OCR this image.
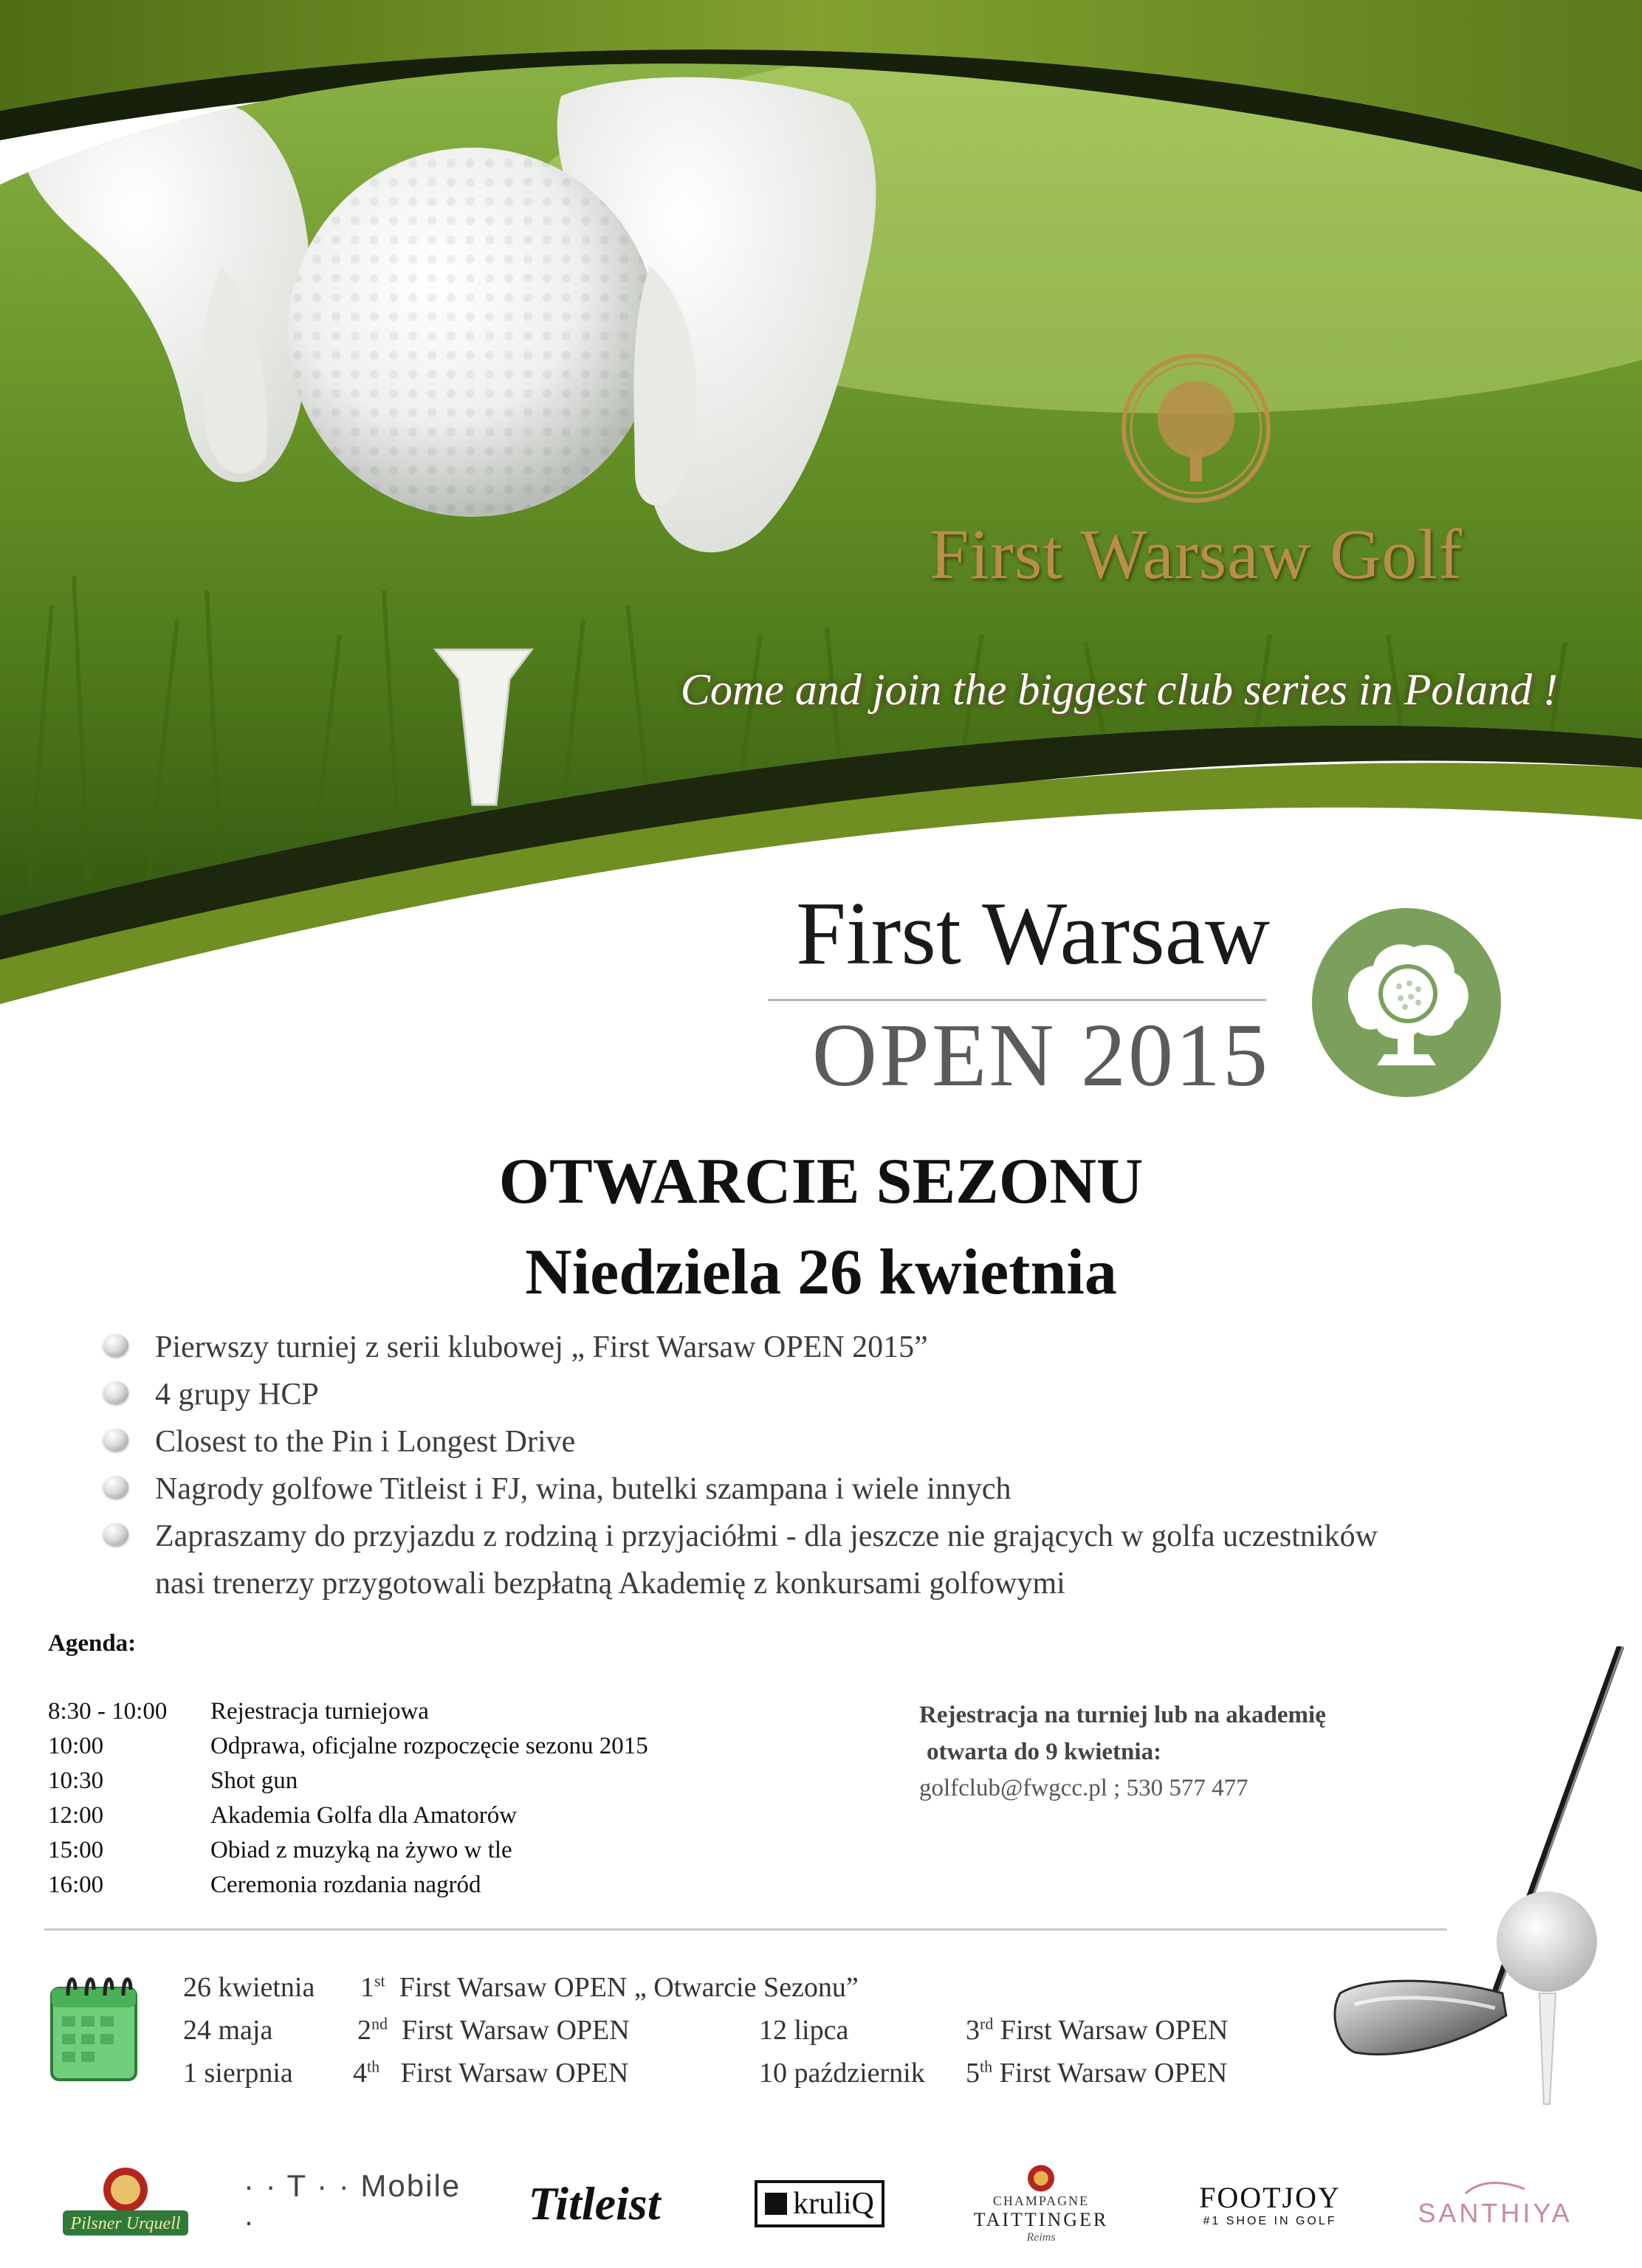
First Warsaw Golf
Come and join the biggest club series in Poland !
First Warsaw
OPEN 2015
OTWARCIE SEZONU
Niedziela 26 kwietnia
Pierwszy turniej z serii klubowej „ First Warsaw OPEN 2015”
4 grupy HCP
Closest to the Pin i Longest Drive
Nagrody golfowe Titleist i FJ, wina, butelki szampana i wiele innych
Zapraszamy do przyjazdu z rodziną i przyjaciółmi - dla jeszcze nie grających w golfa uczestników
nasi trenerzy przygotowali bezpłatną Akademię z konkursami golfowymi
Agenda:
8:30 - 10:00 Rejestracja turniejowa
10:00	Odprawa, oficjalne rozpoczęcie sezonu 2015
10:30	Shot gun
12:00	Akademia Golfa dla Amatorów
15:00	Obiad z muzyką na żywo w tle
16:00	Ceremonia rozdania nagród
Rejestracja na turniej lub na akademię
otwarta do 9 kwietnia:
golfclub@fwgcc.pl ; 530 577 477
26 kwietnia 1st First Warsaw OPEN „ Otwarcie Sezonu”
24 maja	2nd First Warsaw OPEN	12 lipca	3rd First Warsaw OPEN
1 sierpnia 4th First Warsaw OPEN	10 październik 5th First Warsaw OPEN
Pilsner Urquell
· · T · · Mobile ·	Titleist	kruliQ	CHAMPAGNE
TAITTINGER
Reims
FOOTJOY
#1 SHOE IN GOLF	SANTHIYA
